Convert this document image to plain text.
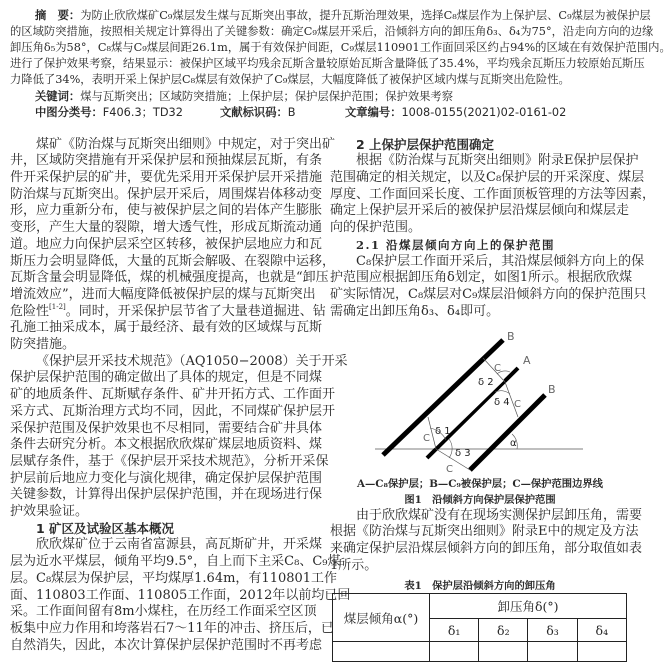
摘　要：为防止欣欣煤矿C₉煤层发生煤与瓦斯突出事故，提升瓦斯治理效果，选择C₈煤层作为上保护层、C₉煤层为被保护层
的区域防突措施，按照相关规定计算得出了关键参数：确定C₉煤层开采后，沿倾斜方向的卸压角δ₃、δ₄为75°，沿走向方向的边缘
卸压角δ₅为58°，C₈煤与C₉煤层间距26.1m，属于有效保护间距，C₉煤层110901工作面回采区约占94%的区域在有效保护范围内。
进行了保护效果考察，结果显示：被保护区域平均残余瓦斯含量较原始瓦斯含量降低了35.4%，平均残余瓦斯压力较原始瓦斯压
力降低了34%，表明开采上保护层C₈煤层有效保护了C₉煤层，大幅度降低了被保护区域内煤与瓦斯突出危险性。
关键词：煤与瓦斯突出；区域防突措施；上保护层；保护层保护范围；保护效果考察
中图分类号：F406.3；TD32	文献标识码：B	文章编号：1008-0155(2021)02-0161-02
煤矿《防治煤与瓦斯突出细则》中规定，对于突出矿
井，区域防突措施有开采保护层和预抽煤层瓦斯，有条
件开采保护层的矿井，要优先采用开采保护层开采措施
防治煤与瓦斯突出。保护层开采后，周围煤岩体移动变
形，应力重新分布，使与被保护层之间的岩体产生膨胀
变形，产生大量的裂隙，增大透气性，形成瓦斯流动通
道。地应力向保护层采空区转移，被保护层地应力和瓦
斯压力会明显降低，大量的瓦斯会解吸、在裂隙中运移，
瓦斯含量会明显降低，煤的机械强度提高，也就是“卸压
增流效应”，进而大幅度降低被保护层的煤与瓦斯突出
危险性[1-2]。同时，开采保护层节省了大量巷道掘进、钻
孔施工抽采成本，属于最经济、最有效的区域煤与瓦斯
防突措施。
《保护层开采技术规范》（AQ1050−2008）关于开采
保护层保护范围的确定做出了具体的规定，但是不同煤
矿的地质条件、瓦斯赋存条件、矿井开拓方式、工作面开
采方式、瓦斯治理方式均不同，因此，不同煤矿保护层开
采保护范围及保护效果也不尽相同，需要结合矿井具体
条件去研究分析。本文根据欣欣煤矿煤层地质资料、煤
层赋存条件，基于《保护层开采技术规范》，分析开采保
护层前后地应力变化与演化规律，确定保护层保护范围
关键参数，计算得出保护层保护范围，并在现场进行保
护效果验证。
1 矿区及试验区基本概况
欣欣煤矿位于云南省富源县，高瓦斯矿井，开采煤
层为近水平煤层，倾角平均9.5°，自上而下主采C₈、C₉煤
层。C₈煤层为保护层，平均煤厚1.64m，有110801工作
面、110803工作面、110805工作面，2012年以前均已回
采。工作面间留有8m小煤柱，在历经工作面采空区顶
板集中应力作用和垮落岩石7～11年的冲击、挤压后，已
自然消失，因此，本次计算保护层保护范围时不再考虑
2 上保护层保护范围确定
根据《防治煤与瓦斯突出细则》附录E保护层保护
范围确定的相关规定，以及C₈保护层的开采深度、煤层
厚度、工作面回采长度、工作面顶板管理的方法等因素，
确定上保护层开采后的被保护层沿煤层倾向和煤层走
向的保护范围。
2.1 沿煤层倾向方向上的保护范围
C₈保护层工作面开采后，其沿煤层倾斜方向上的保
护范围应根据卸压角δ划定，如图1所示。根据欣欣煤
矿实际情况，C₈煤层对C₉煤层沿倾斜方向的保护范围只
需确定出卸压角δ₃、δ₄即可。
B
A
B
C
C
C
C
δ 1
δ 2
δ 4
δ 3
α
A—C₈保护层；B—C₉被保护层；C—保护范围边界线
图1　沿倾斜方向保护层保护范围
由于欣欣煤矿没有在现场实测保护层卸压角，需要
根据《防治煤与瓦斯突出细则》附录E中的规定及方法
来确定保护层沿煤层倾斜方向的卸压角，部分取值如表
1所示。
表1　保护层沿倾斜方向的卸压角
煤层倾角α(°)	卸压角δ(°)			
	δ₁	δ₂	δ₃	δ₄
